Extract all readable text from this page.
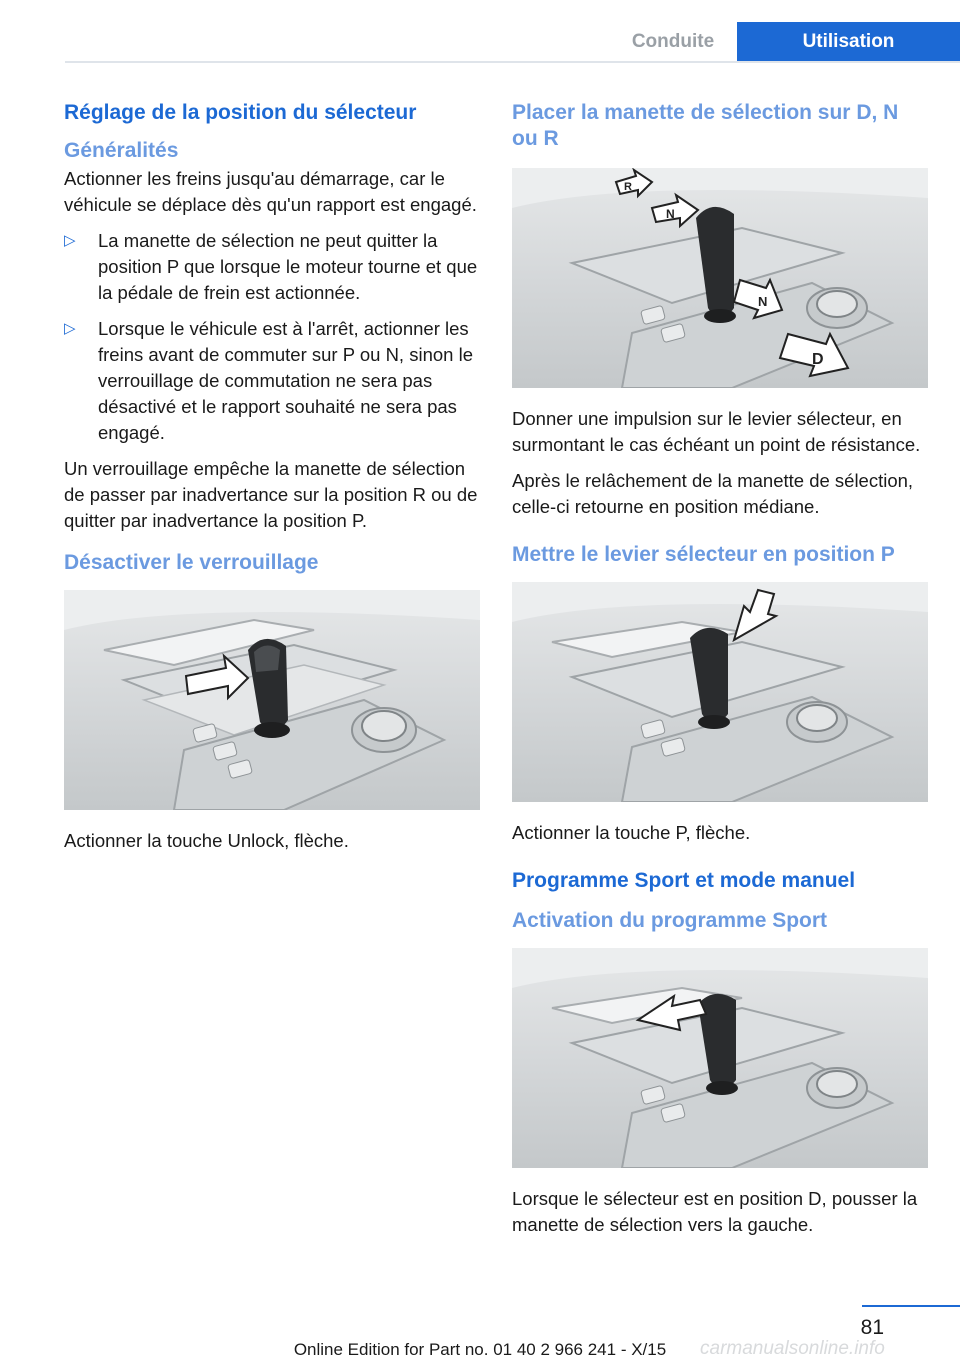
Conduite	Utilisation
Réglage de la position du sélecteur
Généralités

Actionner les freins jusqu'au démarrage, car le véhicule se déplace dès qu'un rapport est engagé.

▷ La manette de sélection ne peut quitter la position P que lorsque le moteur tourne et que la pédale de frein est actionnée.
▷ Lorsque le véhicule est à l'arrêt, actionner les freins avant de commuter sur P ou N, sinon le verrouillage de commutation ne sera pas désactivé et le rapport souhaité ne sera pas engagé.

Un verrouillage empêche la manette de sélection de passer par inadvertance sur la position R ou de quitter par inadvertance la position P.

Désactiver le verrouillage

Actionner la touche Unlock, flèche.

Placer la manette de sélection sur D, N ou R
R
N
N
D

Donner une impulsion sur le levier sélecteur, en surmontant le cas échéant un point de résistance.

Après le relâchement de la manette de sélection, celle-ci retourne en position médiane.

Mettre le levier sélecteur en position P

Actionner la touche P, flèche.

Programme Sport et mode manuel
Activation du programme Sport

Lorsque le sélecteur est en position D, pousser la manette de sélection vers la gauche.

81
carmanualsonline.info
Online Edition for Part no. 01 40 2 966 241 - X/15
